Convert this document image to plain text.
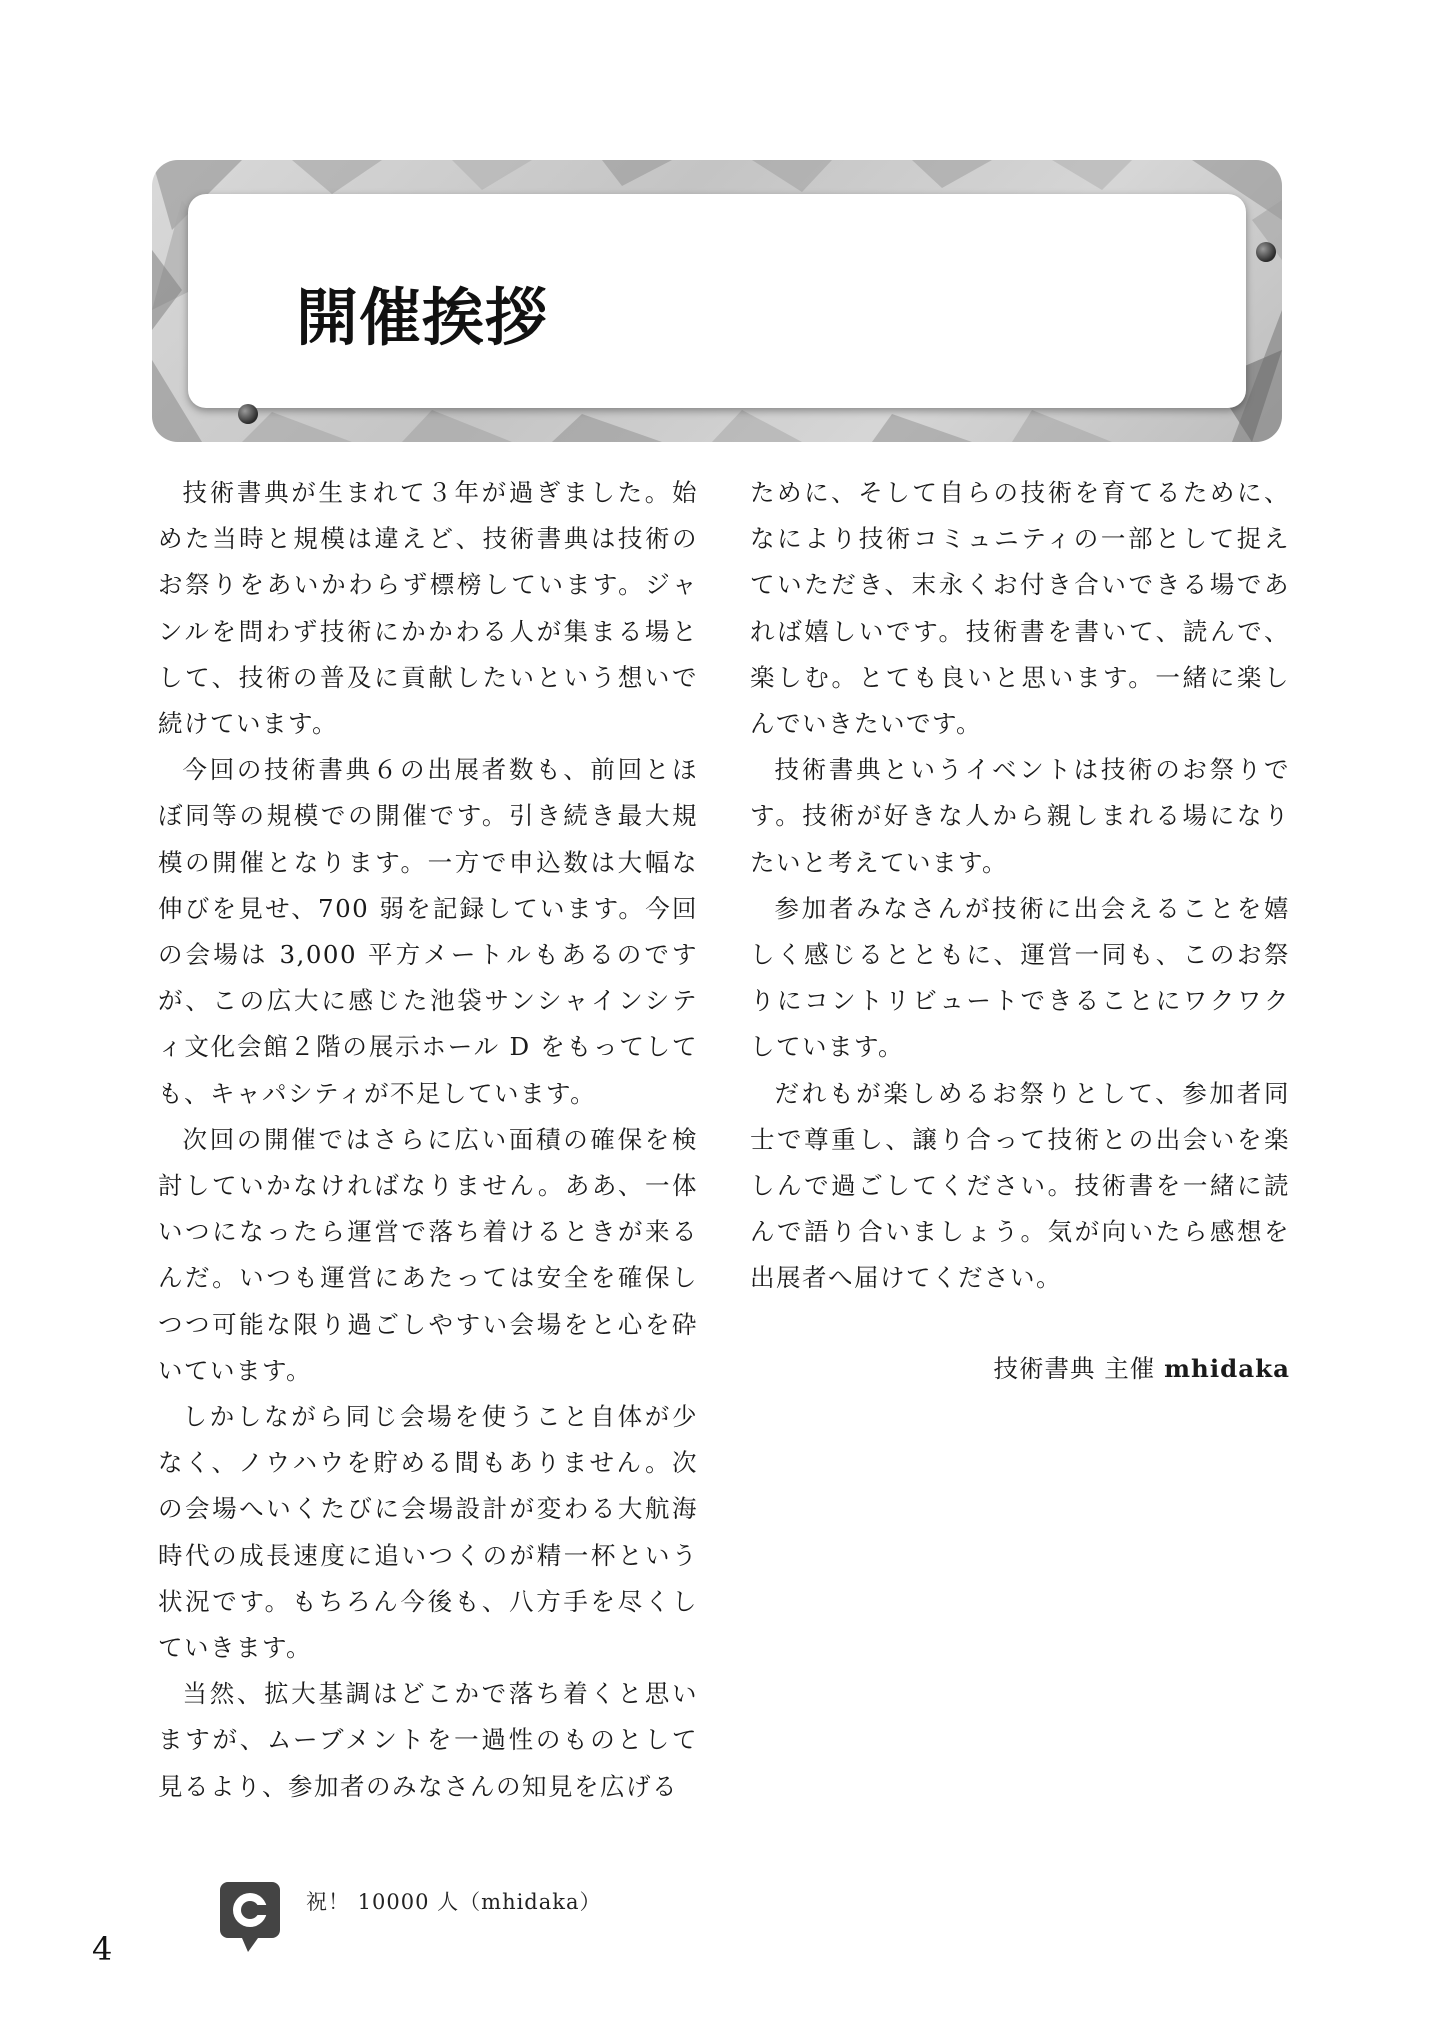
開催挨拶

技術書典が生まれて３年が過ぎました。始めた当時と規模は違えど、技術書典は技術のお祭りをあいかわらず標榜しています。ジャンルを問わず技術にかかわる人が集まる場として、技術の普及に貢献したいという想いで続けています。

今回の技術書典６の出展者数も、前回とほぼ同等の規模での開催です。引き続き最大規模の開催となります。一方で申込数は大幅な伸びを見せ、700 弱を記録しています。今回の会場は 3,000 平方メートルもあるのですが、この広大に感じた池袋サンシャインシティ文化会館２階の展示ホール D をもってしても、キャパシティが不足しています。

次回の開催ではさらに広い面積の確保を検討していかなければなりません。ああ、一体いつになったら運営で落ち着けるときが来るんだ。いつも運営にあたっては安全を確保しつつ可能な限り過ごしやすい会場をと心を砕いています。

しかしながら同じ会場を使うこと自体が少なく、ノウハウを貯める間もありません。次の会場へいくたびに会場設計が変わる大航海時代の成長速度に追いつくのが精一杯という状況です。もちろん今後も、八方手を尽くしていきます。

当然、拡大基調はどこかで落ち着くと思いますが、ムーブメントを一過性のものとして見るより、参加者のみなさんの知見を広げる

ために、そして自らの技術を育てるために、なにより技術コミュニティの一部として捉えていただき、末永くお付き合いできる場であれば嬉しいです。技術書を書いて、読んで、楽しむ。とても良いと思います。一緒に楽しんでいきたいです。

技術書典というイベントは技術のお祭りです。技術が好きな人から親しまれる場になりたいと考えています。

参加者みなさんが技術に出会えることを嬉しく感じるとともに、運営一同も、このお祭りにコントリビュートできることにワクワクしています。

だれもが楽しめるお祭りとして、参加者同士で尊重し、譲り合って技術との出会いを楽しんで過ごしてください。技術書を一緒に読んで語り合いましょう。気が向いたら感想を出展者へ届けてください。

技術書典 主催 mhidaka
祝！ 10000 人（mhidaka）
4
